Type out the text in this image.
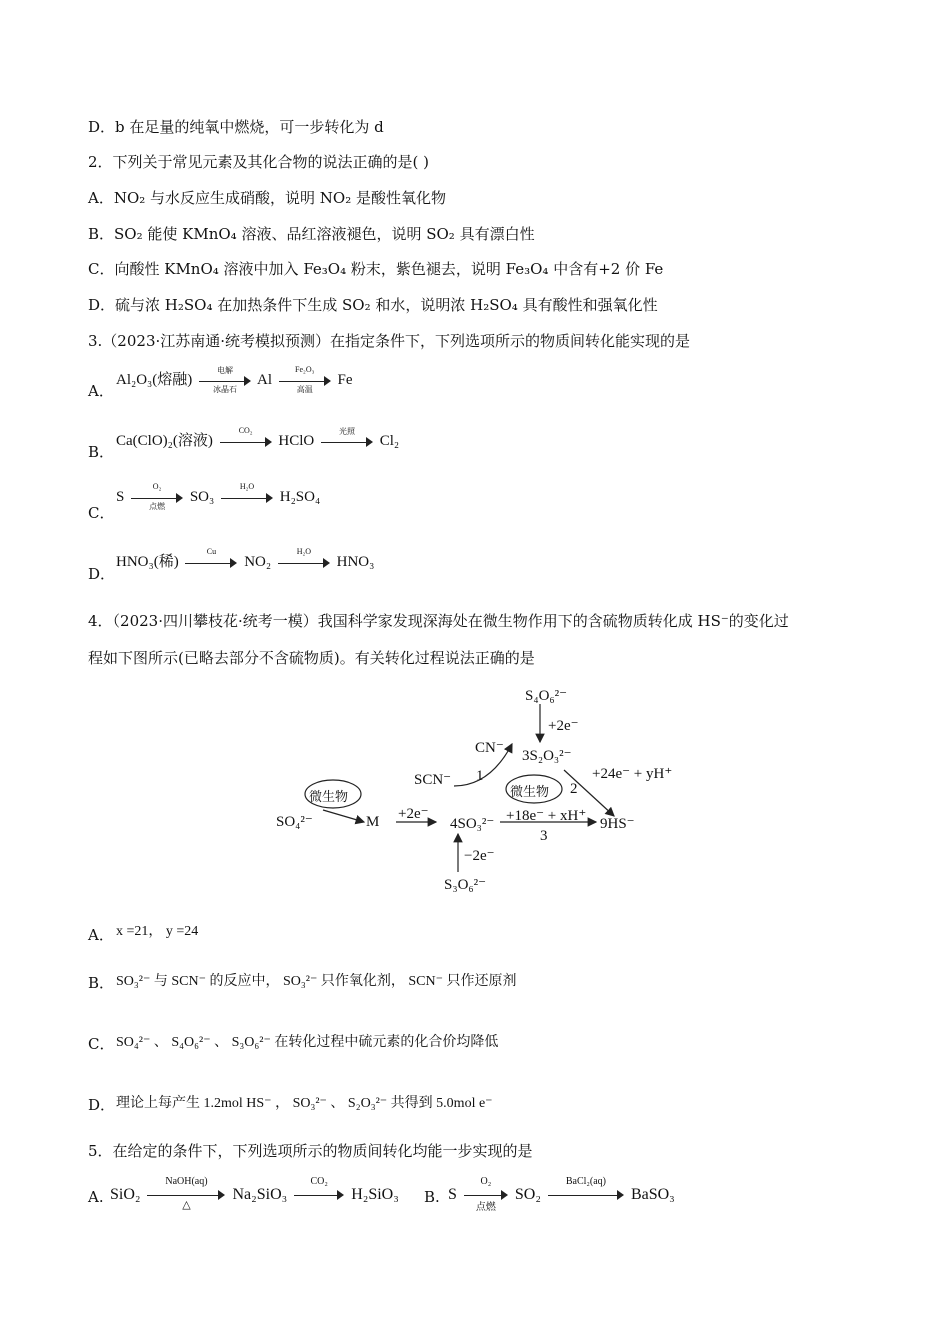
D．b 在足量的纯氧中燃烧，可一步转化为 d
2．下列关于常见元素及其化合物的说法正确的是( )
A．NO₂ 与水反应生成硝酸，说明 NO₂ 是酸性氧化物
B．SO₂ 能使 KMnO₄ 溶液、品红溶液褪色，说明 SO₂ 具有漂白性
C．向酸性 KMnO₄ 溶液中加入 Fe₃O₄ 粉末，紫色褪去，说明 Fe₃O₄ 中含有+2 价 Fe
D．硫与浓 H₂SO₄ 在加热条件下生成 SO₂ 和水，说明浓 H₂SO₄ 具有酸性和强氧化性
3.（2023·江苏南通·统考模拟预测）在指定条件下，下列选项所示的物质间转化能实现的是
A．
Al₂O₃(熔融)
电解
冰晶石
Al
Fe₂O₃
高温
Fe
B．
Ca(ClO)₂(溶液)
CO₂
HClO
光照
Cl₂
C．
S
O₂
点燃
SO₃
H₂O
H₂SO₄
D．
HNO₃(稀)
Cu
NO₂
H₂O
HNO₃
4．（2023·四川攀枝花·统考一模）我国科学家发现深海处在微生物作用下的含硫物质转化成 HS⁻的变化过
程如下图所示(已略去部分不含硫物质)。有关转化过程说法正确的是
S₄O₆²⁻
+2e⁻
CN⁻ 3S₂O₃²⁻
+24e⁻ + yH⁺
SCN⁻ 1
微生物	微生物 2
SO₄²⁻	M +2e⁻
4SO₃²⁻ +18e⁻ + xH⁺
3
9HS⁻
−2e⁻
S₃O₆²⁻
A． x =21， y =24
B． SO₃²⁻ 与 SCN⁻ 的反应中， SO₃²⁻ 只作氧化剂， SCN⁻ 只作还原剂
C． SO₄²⁻ 、 S₄O₆²⁻ 、 S₃O₆²⁻ 在转化过程中硫元素的化合价均降低
D． 理论上每产生 1.2mol HS⁻ ， SO₃²⁻ 、 S₂O₃²⁻ 共得到 5.0mol e⁻
5．在给定的条件下，下列选项所示的物质间转化均能一步实现的是
A. SiO₂
NaOH(aq)
△
Na₂SiO₃
CO₂
H₂SiO₃ B. S
O₂
点燃
SO₂
BaCl₂(aq)
BaSO₃
